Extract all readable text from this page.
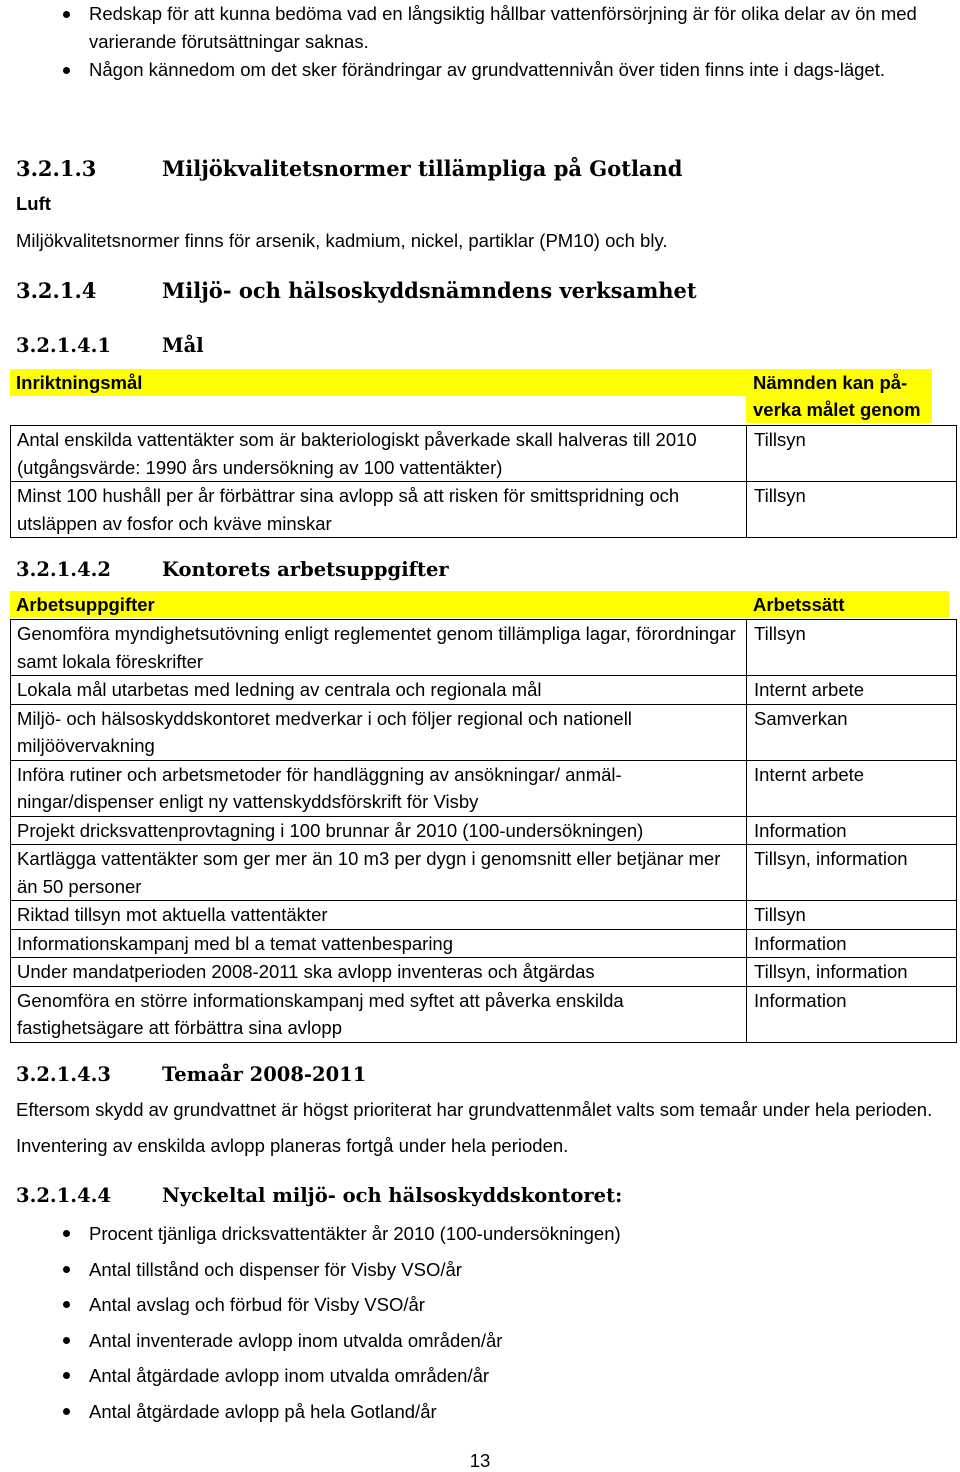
Redskap för att kunna bedöma vad en långsiktig hållbar vattenförsörjning är för olika delar av ön med varierande förutsättningar saknas.
Någon kännedom om det sker förändringar av grundvattennivån över tiden finns inte i dags-läget.
3.2.1.3	Miljökvalitetsnormer tillämpliga på Gotland
Luft
Miljökvalitetsnormer finns för arsenik, kadmium, nickel, partiklar (PM10) och bly.
3.2.1.4	Miljö- och hälsoskyddsnämndens verksamhet
3.2.1.4.1	Mål
Inriktningsmål	Nämnden kan på-verka målet genom
Antal enskilda vattentäkter som är bakteriologiskt påverkade skall halveras till 2010 (utgångsvärde: 1990 års undersökning av 100 vattentäkter)	Tillsyn
Minst 100 hushåll per år förbättrar sina avlopp så att risken för smittspridning och utsläppen av fosfor och kväve minskar	Tillsyn
3.2.1.4.2	Kontorets arbetsuppgifter
Arbetsuppgifter	Arbetssätt
Genomföra myndighetsutövning enligt reglementet genom tillämpliga lagar, förordningar samt lokala föreskrifter	Tillsyn
Lokala mål utarbetas med ledning av centrala och regionala mål	Internt arbete
Miljö- och hälsoskyddskontoret medverkar i och följer regional och nationell miljöövervakning	Samverkan
Införa rutiner och arbetsmetoder för handläggning av ansökningar/ anmäl-ningar/dispenser enligt ny vattenskyddsförskrift för Visby	Internt arbete
Projekt dricksvattenprovtagning i 100 brunnar år 2010 (100-undersökningen)	Information
Kartlägga vattentäkter som ger mer än 10 m3 per dygn i genomsnitt eller betjänar mer än 50 personer	Tillsyn, information
Riktad tillsyn mot aktuella vattentäkter	Tillsyn
Informationskampanj med bl a temat vattenbesparing	Information
Under mandatperioden 2008-2011 ska avlopp inventeras och åtgärdas	Tillsyn, information
Genomföra en större informationskampanj med syftet att påverka enskilda fastighetsägare att förbättra sina avlopp	Information
3.2.1.4.3	Temaår 2008-2011
Eftersom skydd av grundvattnet är högst prioriterat har grundvattenmålet valts som temaår under hela perioden. Inventering av enskilda avlopp planeras fortgå under hela perioden.
3.2.1.4.4	Nyckeltal miljö- och hälsoskyddskontoret:
Procent tjänliga dricksvattentäkter år 2010 (100-undersökningen)
Antal tillstånd och dispenser för Visby VSO/år
Antal avslag och förbud för Visby VSO/år
Antal inventerade avlopp inom utvalda områden/år
Antal åtgärdade avlopp inom utvalda områden/år
Antal åtgärdade avlopp på hela Gotland/år
13
